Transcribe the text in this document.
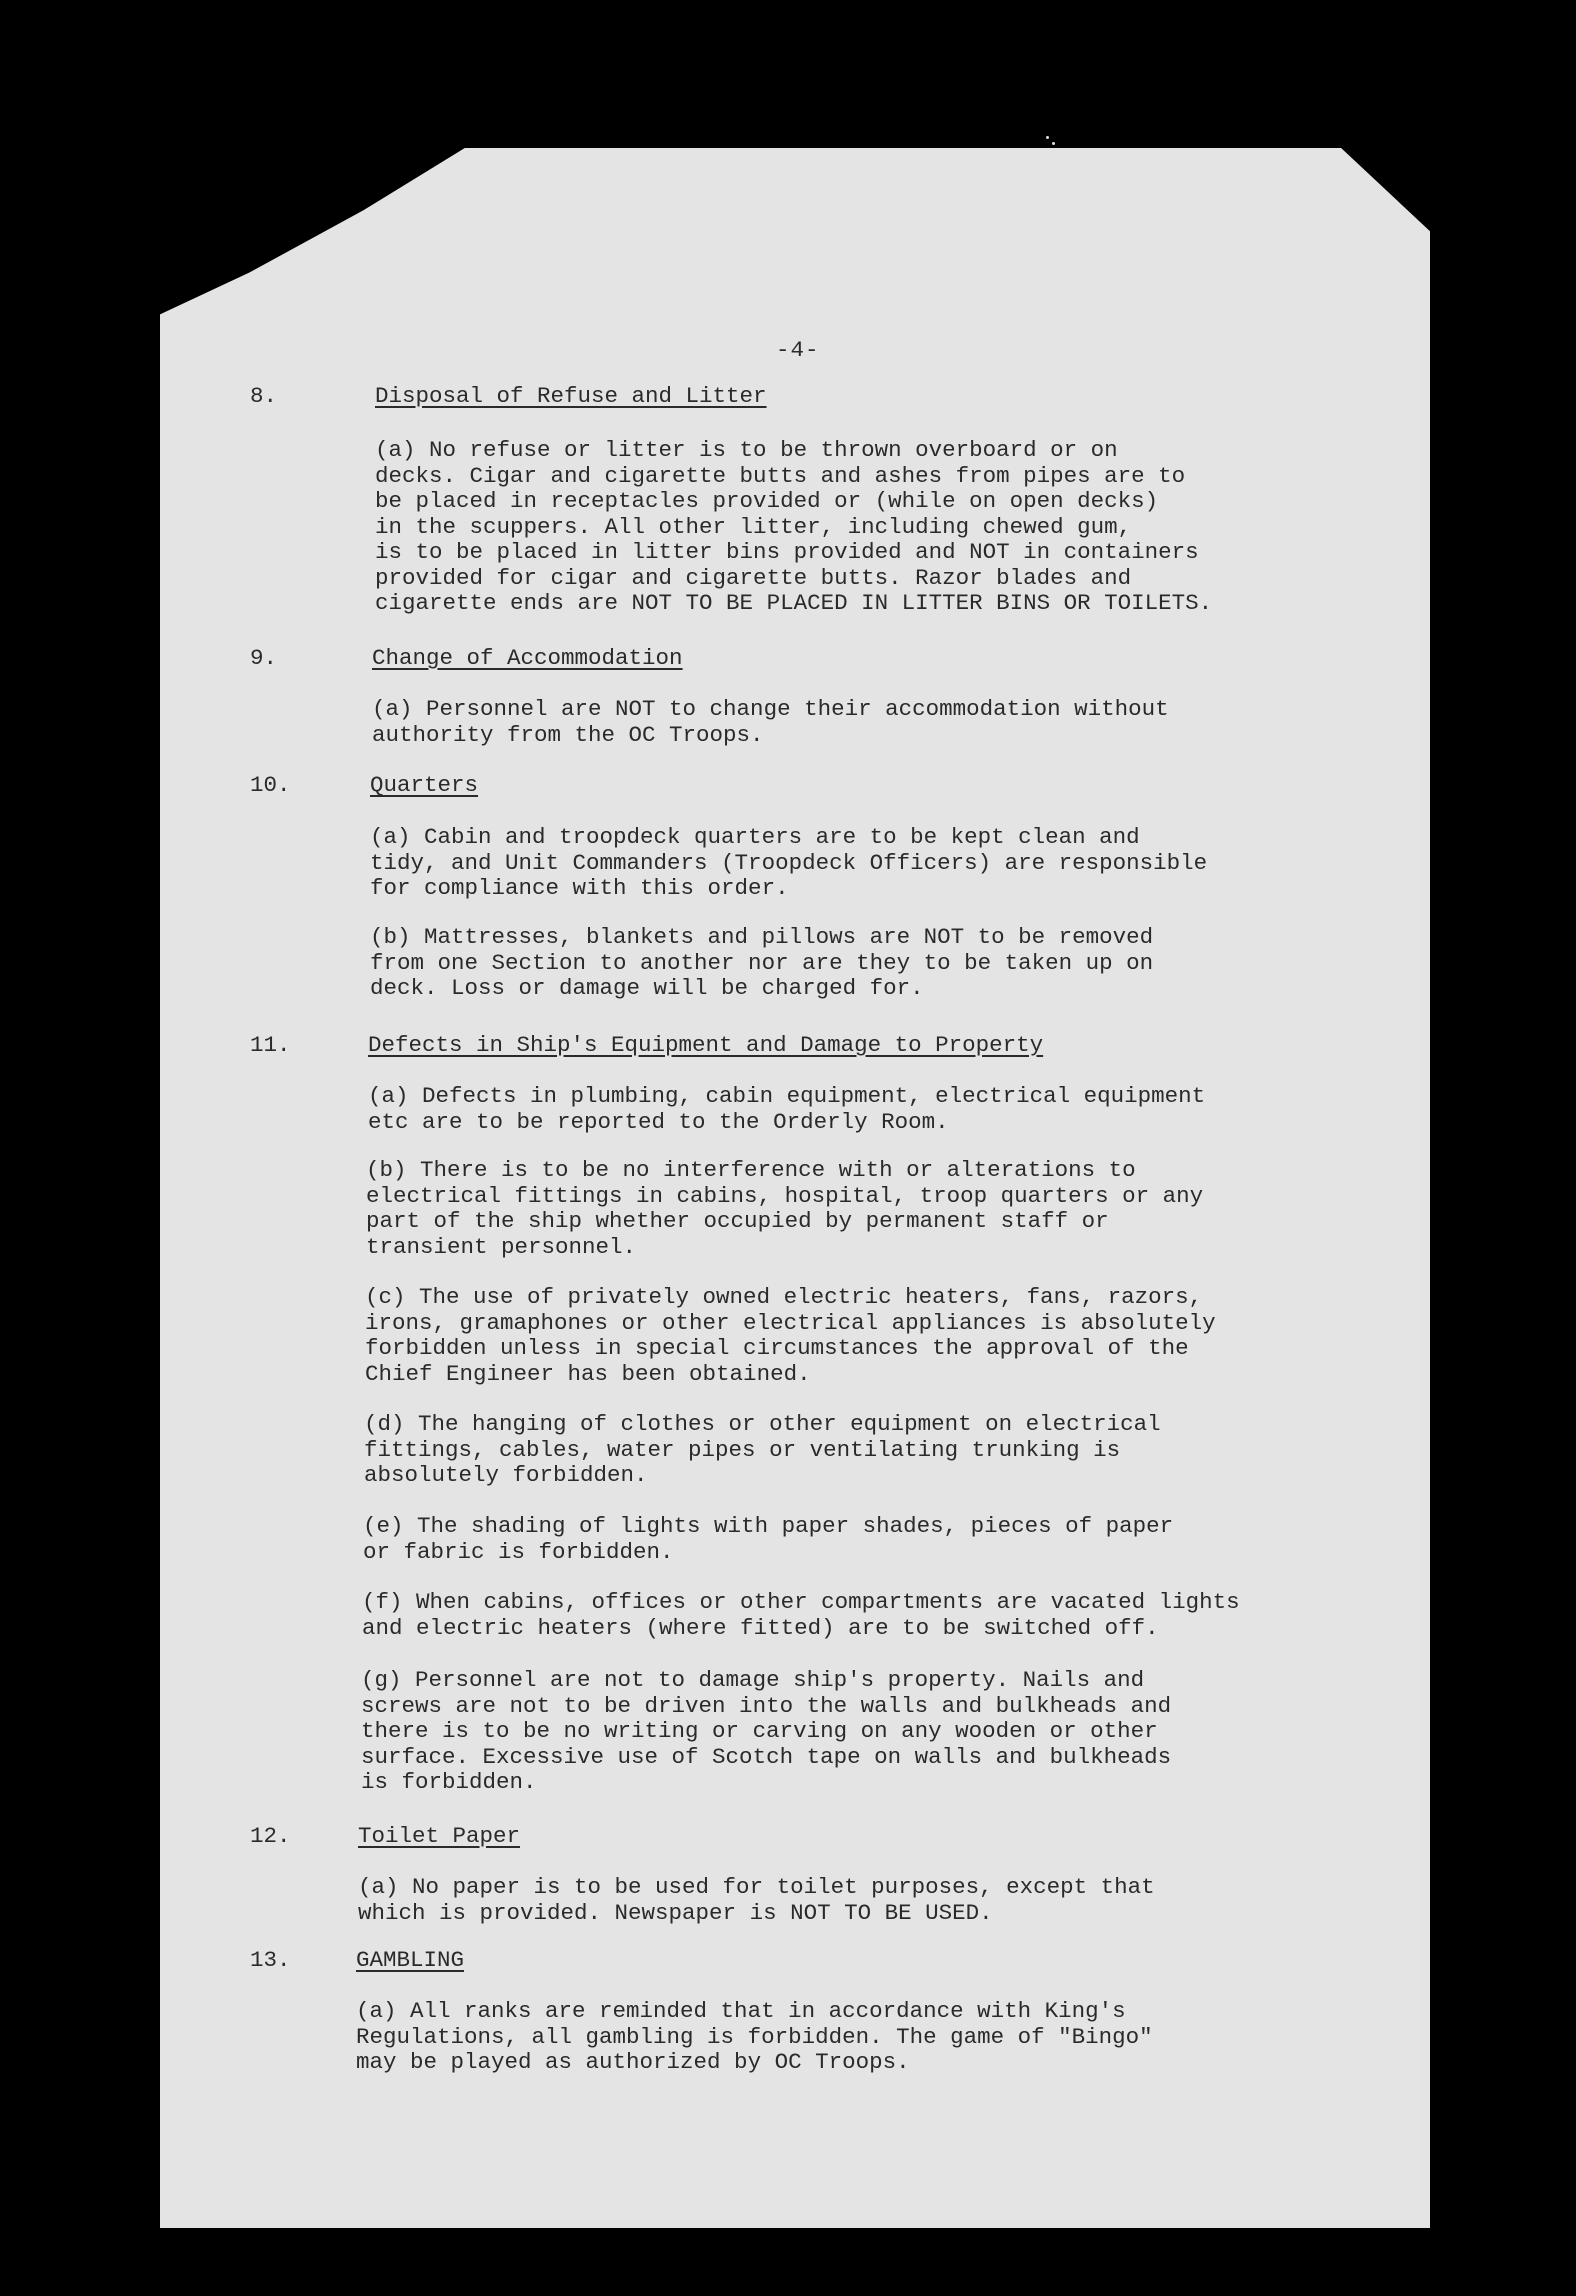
-4-
8.	Disposal of Refuse and Litter

(a) No refuse or litter is to be thrown overboard or on
decks. Cigar and cigarette butts and ashes from pipes are to
be placed in receptacles provided or (while on open decks)
in the scuppers. All other litter, including chewed gum,
is to be placed in litter bins provided and NOT in containers
provided for cigar and cigarette butts. Razor blades and
cigarette ends are NOT TO BE PLACED IN LITTER BINS OR TOILETS.

9.	Change of Accommodation

(a) Personnel are NOT to change their accommodation without
authority from the OC Troops.

10.	Quarters

(a) Cabin and troopdeck quarters are to be kept clean and
tidy, and Unit Commanders (Troopdeck Officers) are responsible
for compliance with this order.

(b) Mattresses, blankets and pillows are NOT to be removed
from one Section to another nor are they to be taken up on
deck. Loss or damage will be charged for.

11.	Defects in Ship's Equipment and Damage to Property

(a) Defects in plumbing, cabin equipment, electrical equipment
etc are to be reported to the Orderly Room.

(b) There is to be no interference with or alterations to
electrical fittings in cabins, hospital, troop quarters or any
part of the ship whether occupied by permanent staff or
transient personnel.

(c) The use of privately owned electric heaters, fans, razors,
irons, gramaphones or other electrical appliances is absolutely
forbidden unless in special circumstances the approval of the
Chief Engineer has been obtained.

(d) The hanging of clothes or other equipment on electrical
fittings, cables, water pipes or ventilating trunking is
absolutely forbidden.

(e) The shading of lights with paper shades, pieces of paper
or fabric is forbidden.

(f) When cabins, offices or other compartments are vacated lights
and electric heaters (where fitted) are to be switched off.

(g) Personnel are not to damage ship's property. Nails and
screws are not to be driven into the walls and bulkheads and
there is to be no writing or carving on any wooden or other
surface. Excessive use of Scotch tape on walls and bulkheads
is forbidden.

12.	Toilet Paper

(a) No paper is to be used for toilet purposes, except that
which is provided. Newspaper is NOT TO BE USED.

13.	GAMBLING

(a) All ranks are reminded that in accordance with King's
Regulations, all gambling is forbidden. The game of "Bingo"
may be played as authorized by OC Troops.
